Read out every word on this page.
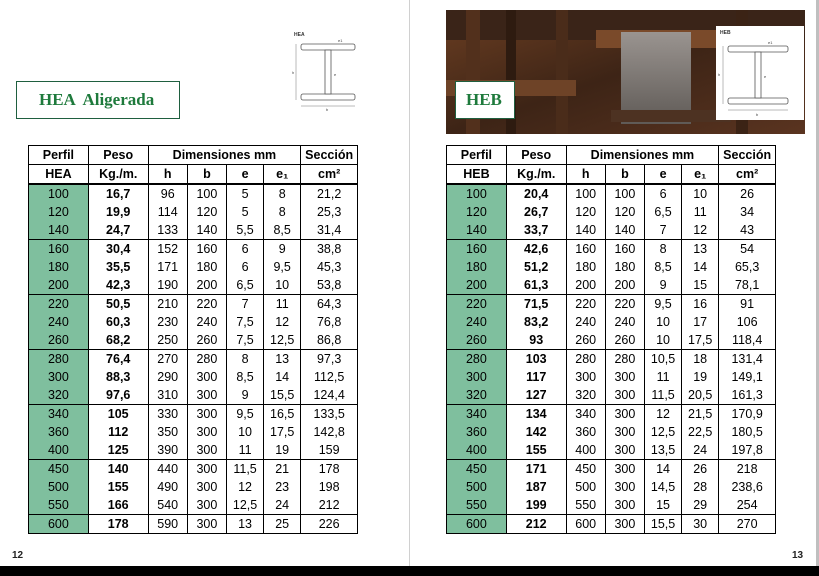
HEA  Aligerada
HEA
h
b
e1
e
HEB
HEB
h
b
e1
e
Perfil	Peso	Dimensiones mm				Sección
HEA	Kg./m.	h	b	e	e₁	cm²
100	16,7	96	100	5	8	21,2
120	19,9	114	120	5	8	25,3
140	24,7	133	140	5,5	8,5	31,4
160	30,4	152	160	6	9	38,8
180	35,5	171	180	6	9,5	45,3
200	42,3	190	200	6,5	10	53,8
220	50,5	210	220	7	11	64,3
240	60,3	230	240	7,5	12	76,8
260	68,2	250	260	7,5	12,5	86,8
280	76,4	270	280	8	13	97,3
300	88,3	290	300	8,5	14	112,5
320	97,6	310	300	9	15,5	124,4
340	105	330	300	9,5	16,5	133,5
360	112	350	300	10	17,5	142,8
400	125	390	300	11	19	159
450	140	440	300	11,5	21	178
500	155	490	300	12	23	198
550	166	540	300	12,5	24	212
600	178	590	300	13	25	226
Perfil	Peso	Dimensiones mm				Sección
HEB	Kg./m.	h	b	e	e₁	cm²
100	20,4	100	100	6	10	26
120	26,7	120	120	6,5	11	34
140	33,7	140	140	7	12	43
160	42,6	160	160	8	13	54
180	51,2	180	180	8,5	14	65,3
200	61,3	200	200	9	15	78,1
220	71,5	220	220	9,5	16	91
240	83,2	240	240	10	17	106
260	93	260	260	10	17,5	118,4
280	103	280	280	10,5	18	131,4
300	117	300	300	11	19	149,1
320	127	320	300	11,5	20,5	161,3
340	134	340	300	12	21,5	170,9
360	142	360	300	12,5	22,5	180,5
400	155	400	300	13,5	24	197,8
450	171	450	300	14	26	218
500	187	500	300	14,5	28	238,6
550	199	550	300	15	29	254
600	212	600	300	15,5	30	270
12	13
